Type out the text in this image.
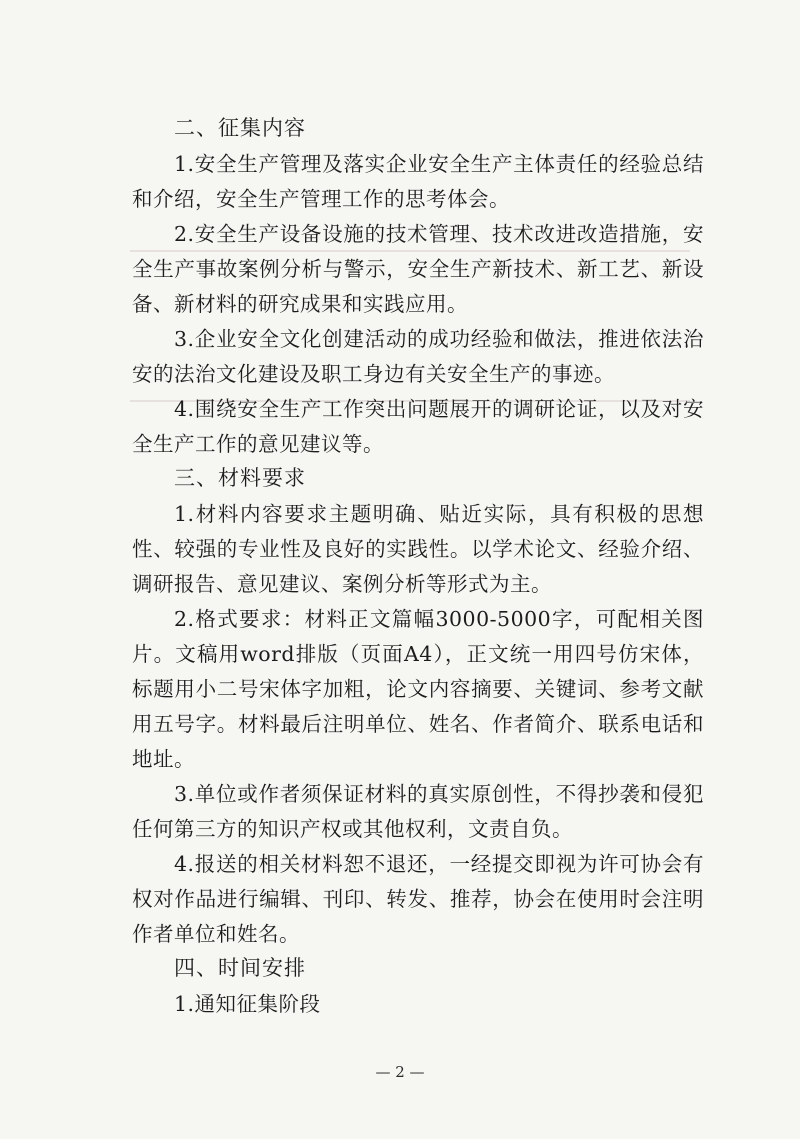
二、征集内容

1.安全生产管理及落实企业安全生产主体责任的经验总结和介绍，安全生产管理工作的思考体会。

2.安全生产设备设施的技术管理、技术改进改造措施，安全生产事故案例分析与警示，安全生产新技术、新工艺、新设备、新材料的研究成果和实践应用。

3.企业安全文化创建活动的成功经验和做法，推进依法治安的法治文化建设及职工身边有关安全生产的事迹。

4.围绕安全生产工作突出问题展开的调研论证，以及对安全生产工作的意见建议等。

三、材料要求

1.材料内容要求主题明确、贴近实际，具有积极的思想性、较强的专业性及良好的实践性。以学术论文、经验介绍、调研报告、意见建议、案例分析等形式为主。

2.格式要求：材料正文篇幅3000-5000字，可配相关图片。文稿用word排版（页面A4），正文统一用四号仿宋体，标题用小二号宋体字加粗，论文内容摘要、关键词、参考文献用五号字。材料最后注明单位、姓名、作者简介、联系电话和地址。

3.单位或作者须保证材料的真实原创性，不得抄袭和侵犯任何第三方的知识产权或其他权利，文责自负。

4.报送的相关材料恕不退还，一经提交即视为许可协会有权对作品进行编辑、刊印、转发、推荐，协会在使用时会注明作者单位和姓名。

四、时间安排

1.通知征集阶段

— 2 —
